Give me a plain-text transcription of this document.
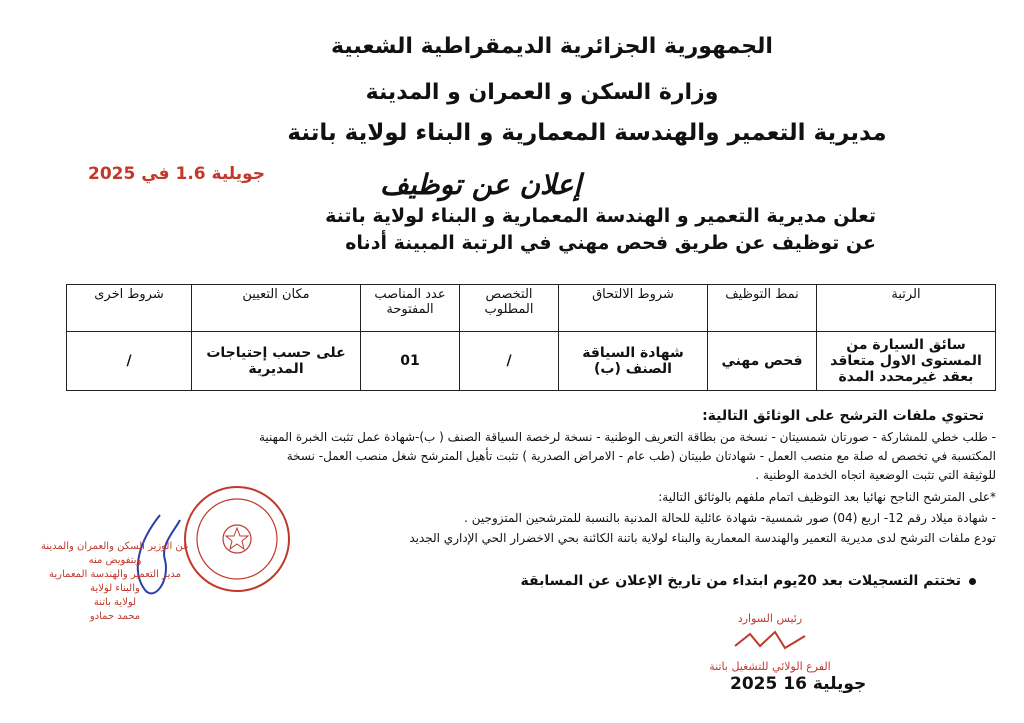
الجمهورية الجزائرية الديمقراطية الشعبية
وزارة السكن و العمران و المدينة
مديرية التعمير والهندسة المعمارية و البناء لولاية باتنة
2025 جويلية 1.6 في	إعلان عن توظيف
تعلن مديرية التعمير و الهندسة المعمارية و البناء لولاية باتنة
عن توظيف عن طريق فحص مهني في الرتبة المبينة أدناه
الرتبة	نمط التوظيف	شروط الالتحاق	التخصص المطلوب	عدد المناصب المفتوحة	مكان التعيين	شروط اخرى
سائق السيارة من المستوى الاول متعاقد بعقد غيرمحدد المدة	فحص مهني	شهادة السياقة الصنف (ب)	/	01	على حسب إحتياجات المديرية	/
تحتوي ملفات الترشح على الوثائق التالية:
- طلب خطي للمشاركة - صورتان شمسيتان - نسخة من بطاقة التعريف الوطنية - نسخة لرخصة السياقة الصنف ( ب)-شهادة عمل تثبت الخبرة المهنية
المكتسبة في تخصص له صلة مع منصب العمل - شهادتان طبيتان (طب عام - الامراض الصدرية ) تثبت تأهيل المترشح شغل منصب العمل- نسخة
للوثيقة التي تثبت الوضعية اتجاه الخدمة الوطنية .
*على المترشح الناجح نهائيا بعد التوظيف اتمام ملفهم بالوثائق التالية:
- شهادة ميلاد رقم 12- اربع (04) صور شمسية- شهادة عائلية للحالة المدنية بالنسبة للمترشحين المتزوجين .
تودع ملفات الترشح لدى مديرية التعمير والهندسة المعمارية والبناء لولاية باتنة الكائنة بحي الاخضرار الحي الإداري الجديد
تختتم التسجيلات بعد 20يوم ابتداء من تاريخ الإعلان عن المسابقة
عن الوزير السكن والعمران والمدينة وبتفويض منه
مدير التعمير والهندسة المعمارية والبناء لولاية
لولاية باتنة
محمد حمادو	رئيس السوارد
الفرع الولائي للتشغيل باتنة
2025 جويلية 16
